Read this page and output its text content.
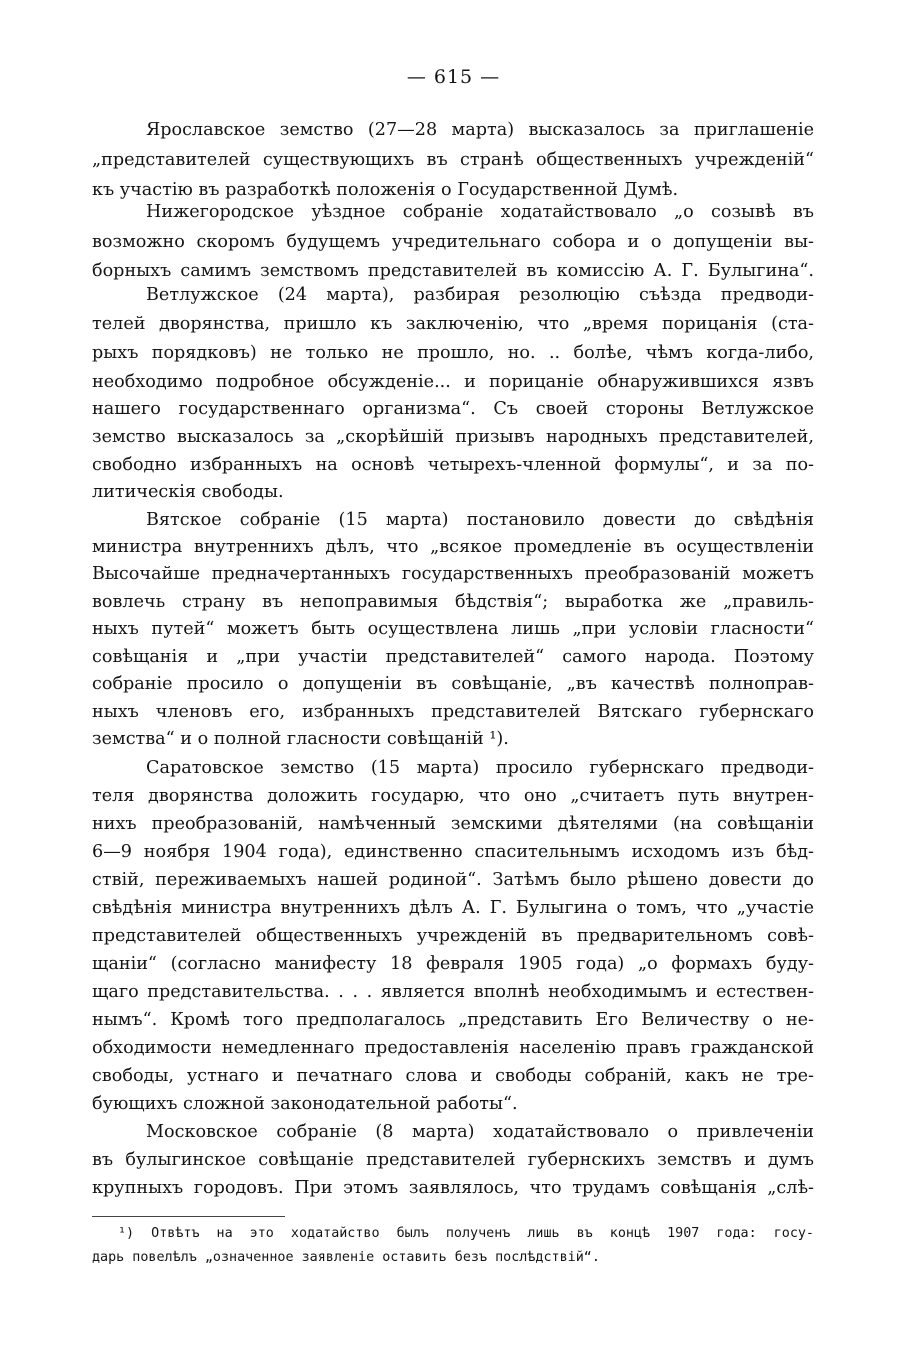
— 615 —
Ярославское земство (27—28 марта) высказалось за приглашеніе
„представителей существующихъ въ странѣ общественныхъ учрежденій“
къ участію въ разработкѣ положенія о Государственной Думѣ.
Нижегородское уѣздное собраніе ходатайствовало „о созывѣ въ
возможно скоромъ будущемъ учредительнаго собора и о допущеніи вы-
борныхъ самимъ земствомъ представителей въ комиссію А. Г. Булыгина“.
Ветлужское (24 марта), разбирая резолюцію съѣзда предводи-
телей дворянства, пришло къ заключенію, что „время порицанія (ста-
рыхъ порядковъ) не только не прошло, но. .. болѣе, чѣмъ когда-либо,
необходимо подробное обсужденіе... и порицаніе обнаружившихся язвъ
нашего государственнаго организма“. Съ своей стороны Ветлужское
земство высказалось за „скорѣйшій призывъ народныхъ представителей,
свободно избранныхъ на основѣ четырехъ-членной формулы“, и за по-
литическія свободы.
Вятское собраніе (15 марта) постановило довести до свѣдѣнія
министра внутреннихъ дѣлъ, что „всякое промедленіе въ осуществленіи
Высочайше предначертанныхъ государственныхъ преобразованій можетъ
вовлечь страну въ непоправимыя бѣдствія“; выработка же „правиль-
ныхъ путей“ можетъ быть осуществлена лишь „при условіи гласности“
совѣщанія и „при участіи представителей“ самого народа. Поэтому
собраніе просило о допущеніи въ совѣщаніе, „въ качествѣ полноправ-
ныхъ членовъ его, избранныхъ представителей Вятскаго губернскаго
земства“ и о полной гласности совѣщаній ¹).
Саратовское земство (15 марта) просило губернскаго предводи-
теля дворянства доложить государю, что оно „считаетъ путь внутрен-
нихъ преобразованій, намѣченный земскими дѣятелями (на совѣщаніи
6—9 ноября 1904 года), единственно спасительнымъ исходомъ изъ бѣд-
ствій, переживаемыхъ нашей родиной“. Затѣмъ было рѣшено довести до
свѣдѣнія министра внутреннихъ дѣлъ А. Г. Булыгина о томъ, что „участіе
представителей общественныхъ учрежденій въ предварительномъ совѣ-
щаніи“ (согласно манифесту 18 февраля 1905 года) „о формахъ буду-
щаго представительства. . . . является вполнѣ необходимымъ и естествен-
нымъ“. Кромѣ того предполагалось „представить Его Величеству о не-
обходимости немедленнаго предоставленія населенію правъ гражданской
свободы, устнаго и печатнаго слова и свободы собраній, какъ не тре-
бующихъ сложной законодательной работы“.
Московское собраніе (8 марта) ходатайствовало о привлеченіи
въ булыгинское совѣщаніе представителей губернскихъ земствъ и думъ
крупныхъ городовъ. При этомъ заявлялось, что трудамъ совѣщанія „слѣ-
¹) Отвѣтъ на это ходатайство былъ полученъ лишь въ концѣ 1907 года: госу-
дарь повелѣлъ „означенное заявленіе оставить безъ послѣдствій“.
